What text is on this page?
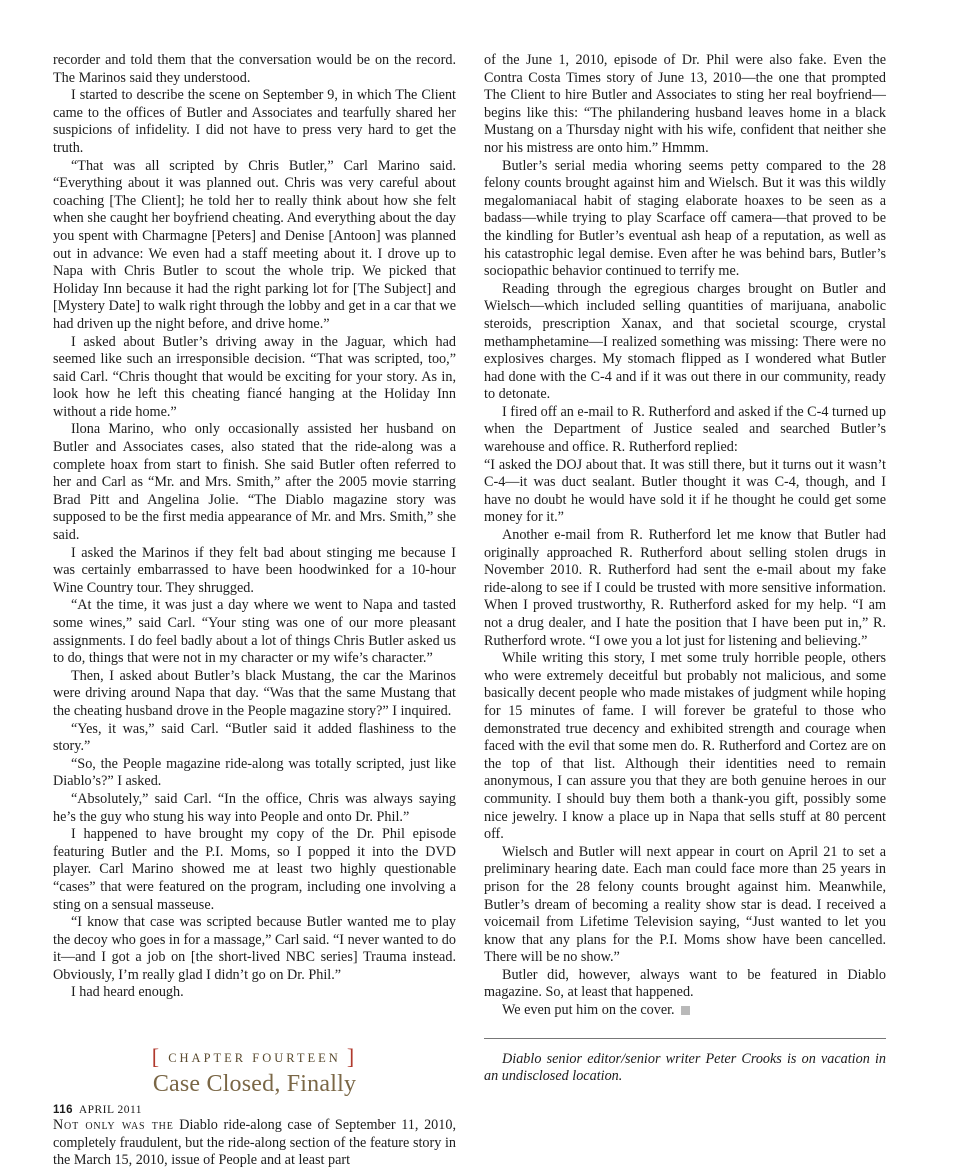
recorder and told them that the conversation would be on the record. The Marinos said they understood.

I started to describe the scene on September 9, in which The Client came to the offices of Butler and Associates and tearfully shared her suspicions of infidelity. I did not have to press very hard to get the truth.

“That was all scripted by Chris Butler,” Carl Marino said. “Everything about it was planned out. Chris was very careful about coaching [The Client]; he told her to really think about how she felt when she caught her boyfriend cheating. And everything about the day you spent with Charmagne [Peters] and Denise [Antoon] was planned out in advance: We even had a staff meeting about it. I drove up to Napa with Chris Butler to scout the whole trip. We picked that Holiday Inn because it had the right parking lot for [The Subject] and [Mystery Date] to walk right through the lobby and get in a car that we had driven up the night before, and drive home.”

I asked about Butler’s driving away in the Jaguar, which had seemed like such an irresponsible decision. “That was scripted, too,” said Carl. “Chris thought that would be exciting for your story. As in, look how he left this cheating fiancé hanging at the Holiday Inn without a ride home.”

Ilona Marino, who only occasionally assisted her husband on Butler and Associates cases, also stated that the ride-along was a complete hoax from start to finish. She said Butler often referred to her and Carl as “Mr. and Mrs. Smith,” after the 2005 movie starring Brad Pitt and Angelina Jolie. “The Diablo magazine story was supposed to be the first media appearance of Mr. and Mrs. Smith,” she said.

I asked the Marinos if they felt bad about stinging me because I was certainly embarrassed to have been hoodwinked for a 10-hour Wine Country tour. They shrugged.

“At the time, it was just a day where we went to Napa and tasted some wines,” said Carl. “Your sting was one of our more pleasant assignments. I do feel badly about a lot of things Chris Butler asked us to do, things that were not in my character or my wife’s character.”

Then, I asked about Butler’s black Mustang, the car the Marinos were driving around Napa that day. “Was that the same Mustang that the cheating husband drove in the People magazine story?” I inquired.

“Yes, it was,” said Carl. “Butler said it added flashiness to the story.”

“So, the People magazine ride-along was totally scripted, just like Diablo’s?” I asked.

“Absolutely,” said Carl. “In the office, Chris was always saying he’s the guy who stung his way into People and onto Dr. Phil.”

I happened to have brought my copy of the Dr. Phil episode featuring Butler and the P.I. Moms, so I popped it into the DVD player. Carl Marino showed me at least two highly questionable “cases” that were featured on the program, including one involving a sting on a sensual masseuse.

“I know that case was scripted because Butler wanted me to play the decoy who goes in for a massage,” Carl said. “I never wanted to do it—and I got a job on [the short-lived NBC series] Trauma instead. Obviously, I’m really glad I didn’t go on Dr. Phil.”

I had heard enough.

[ CHAPTER FOURTEEN ]
Case Closed, Finally

Not only was the Diablo ride-along case of September 11, 2010, completely fraudulent, but the ride-along section of the feature story in the March 15, 2010, issue of People and at least part

of the June 1, 2010, episode of Dr. Phil were also fake. Even the Contra Costa Times story of June 13, 2010—the one that prompted The Client to hire Butler and Associates to sting her real boyfriend—begins like this: “The philandering husband leaves home in a black Mustang on a Thursday night with his wife, confident that neither she nor his mistress are onto him.” Hmmm.

Butler’s serial media whoring seems petty compared to the 28 felony counts brought against him and Wielsch. But it was this wildly megalomaniacal habit of staging elaborate hoaxes to be seen as a badass—while trying to play Scarface off camera—that proved to be the kindling for Butler’s eventual ash heap of a reputation, as well as his catastrophic legal demise. Even after he was behind bars, Butler’s sociopathic behavior continued to terrify me.

Reading through the egregious charges brought on Butler and Wielsch—which included selling quantities of marijuana, anabolic steroids, prescription Xanax, and that societal scourge, crystal methamphetamine—I realized something was missing: There were no explosives charges. My stomach flipped as I wondered what Butler had done with the C-4 and if it was out there in our community, ready to detonate.

I fired off an e-mail to R. Rutherford and asked if the C-4 turned up when the Department of Justice sealed and searched Butler’s warehouse and office. R. Rutherford replied:

“I asked the DOJ about that. It was still there, but it turns out it wasn’t C-4—it was duct sealant. Butler thought it was C-4, though, and I have no doubt he would have sold it if he thought he could get some money for it.”

Another e-mail from R. Rutherford let me know that Butler had originally approached R. Rutherford about selling stolen drugs in November 2010. R. Rutherford had sent the e-mail about my fake ride-along to see if I could be trusted with more sensitive information. When I proved trustworthy, R. Rutherford asked for my help. “I am not a drug dealer, and I hate the position that I have been put in,” R. Rutherford wrote. “I owe you a lot just for listening and believing.”

While writing this story, I met some truly horrible people, others who were extremely deceitful but probably not malicious, and some basically decent people who made mistakes of judgment while hoping for 15 minutes of fame. I will forever be grateful to those who demonstrated true decency and exhibited strength and courage when faced with the evil that some men do. R. Rutherford and Cortez are on the top of that list. Although their identities need to remain anonymous, I can assure you that they are both genuine heroes in our community. I should buy them both a thank-you gift, possibly some nice jewelry. I know a place up in Napa that sells stuff at 80 percent off.

Wielsch and Butler will next appear in court on April 21 to set a preliminary hearing date. Each man could face more than 25 years in prison for the 28 felony counts brought against him. Meanwhile, Butler’s dream of becoming a reality show star is dead. I received a voicemail from Lifetime Television saying, “Just wanted to let you know that any plans for the P.I. Moms show have been cancelled. There will be no show.”

Butler did, however, always want to be featured in Diablo magazine. So, at least that happened.

We even put him on the cover.

Diablo senior editor/senior writer Peter Crooks is on vacation in an undisclosed location.

116 APRIL 2011
